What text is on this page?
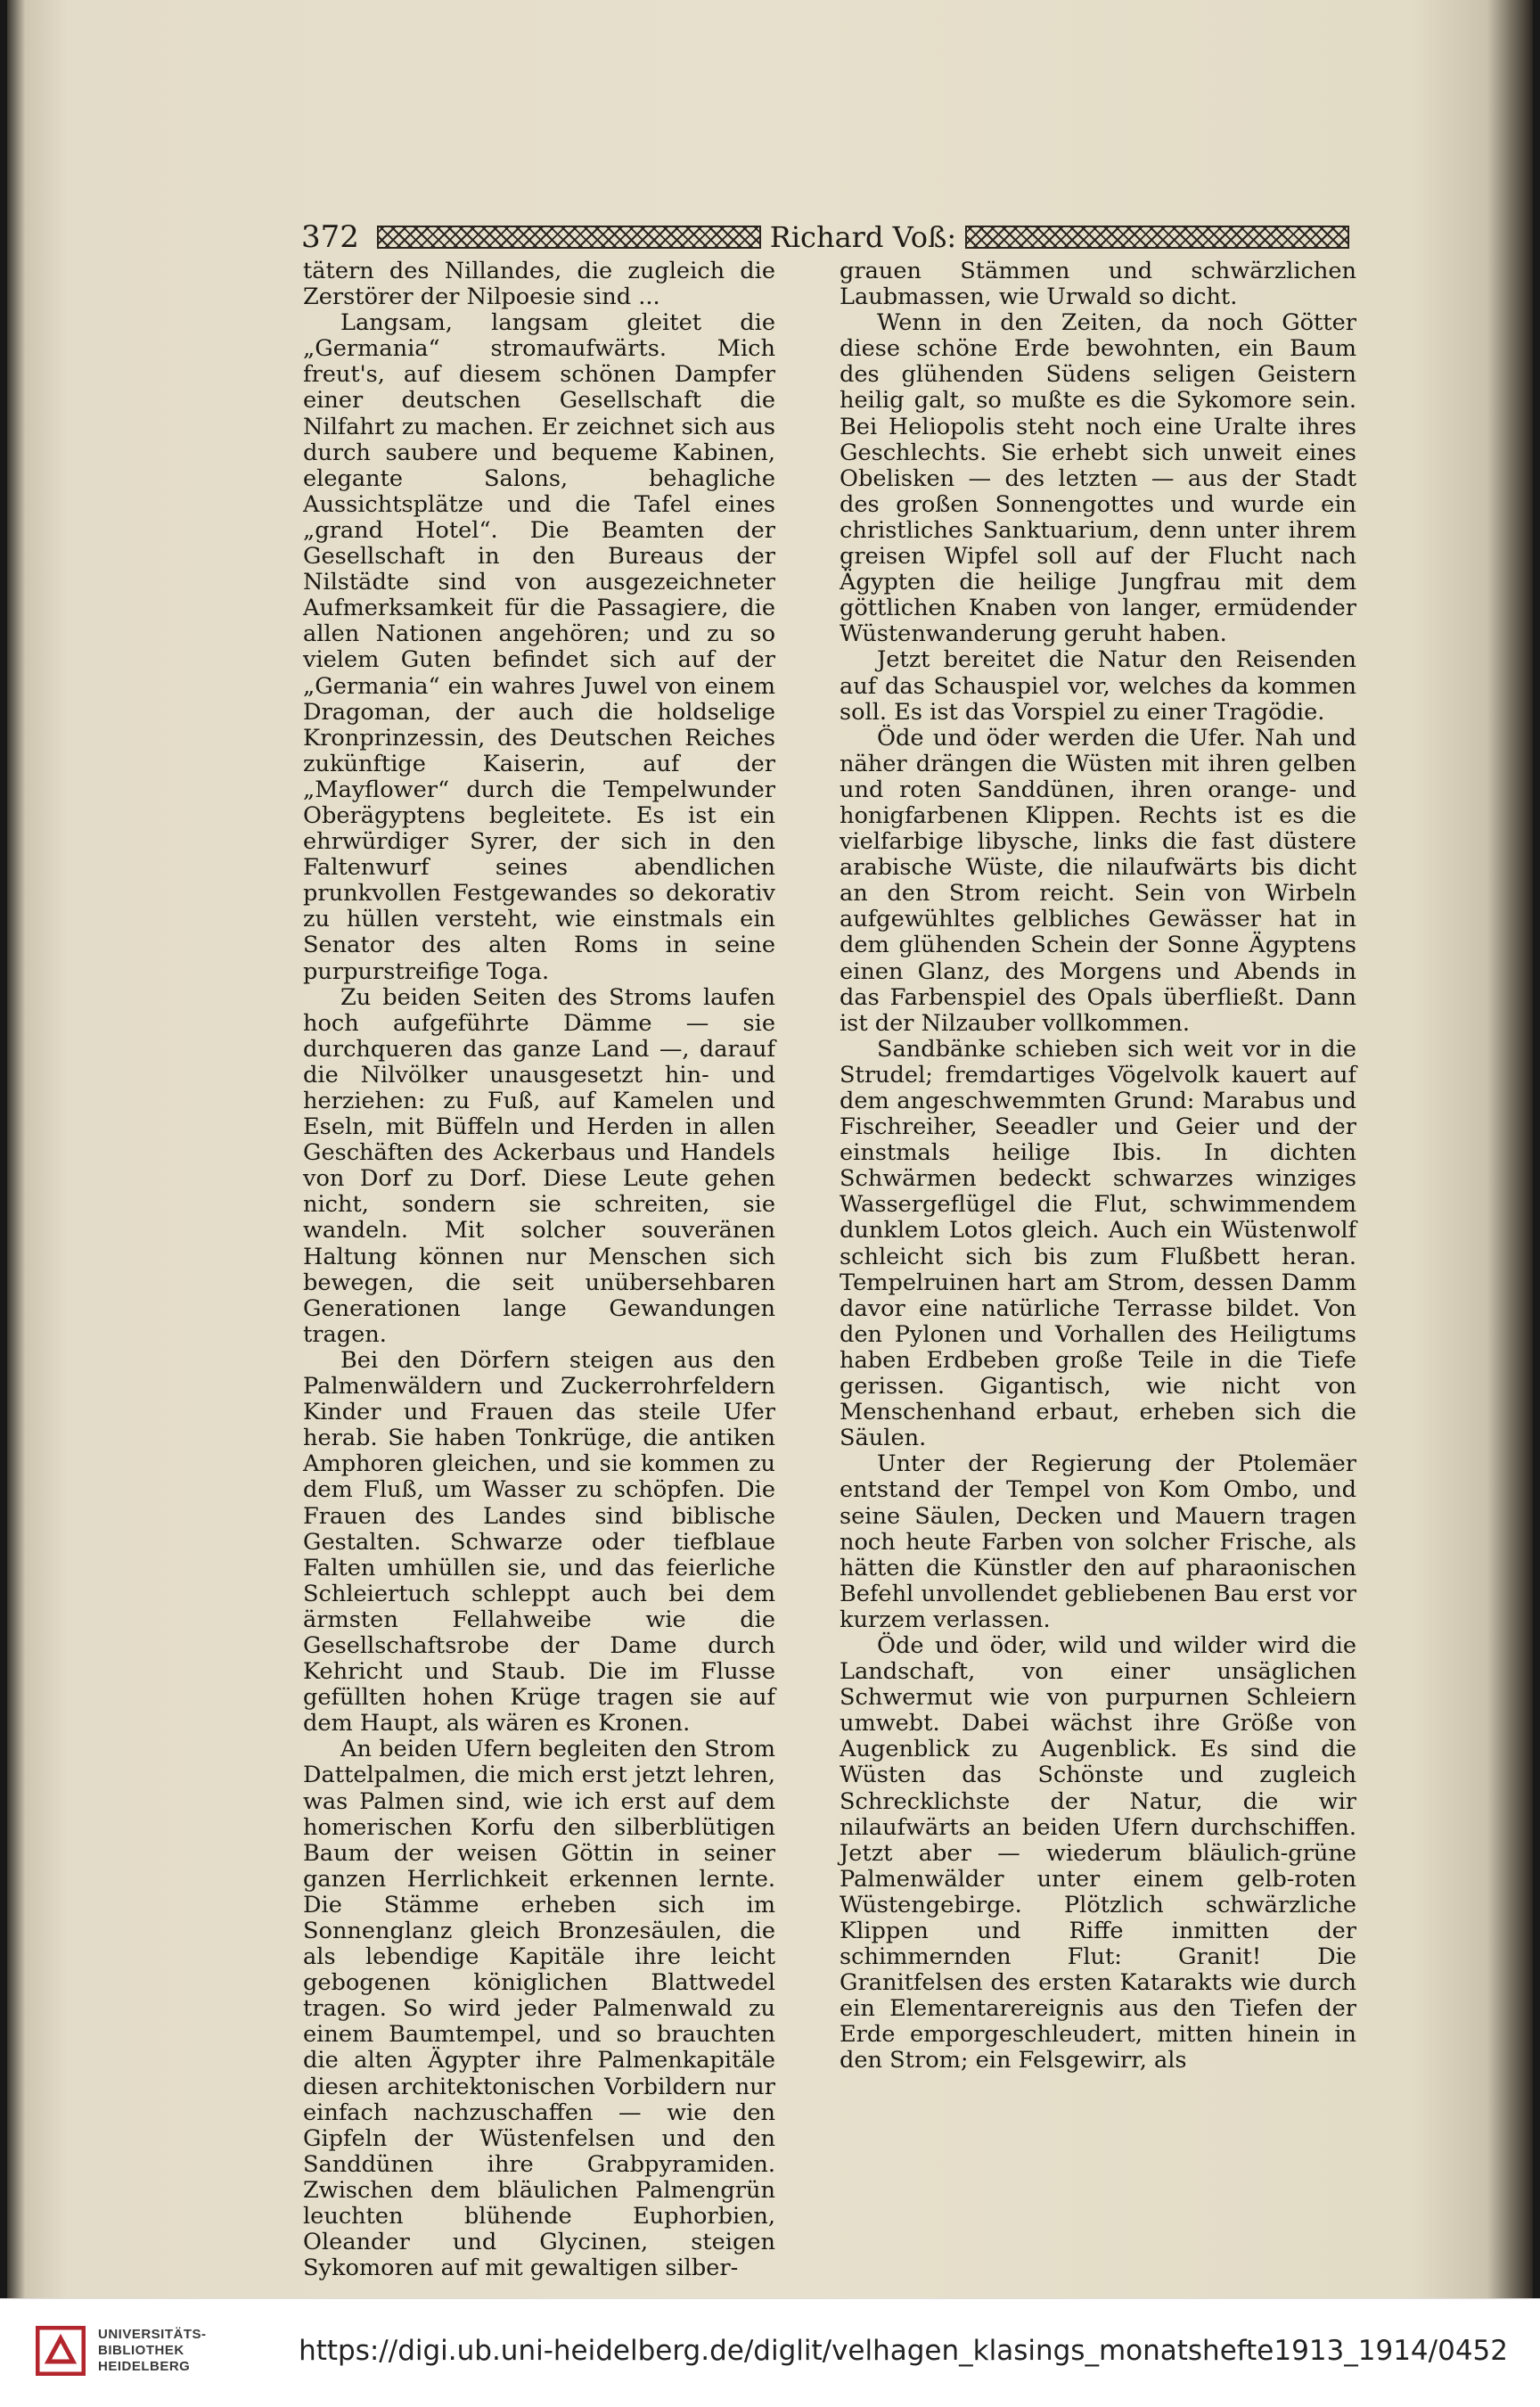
372	Richard Voß:

tätern des Nillandes, die zugleich die Zerstörer der Nilpoesie sind ...

Langsam, langsam gleitet die „Germania“ stromaufwärts. Mich freut's, auf diesem schönen Dampfer einer deutschen Gesellschaft die Nilfahrt zu machen. Er zeichnet sich aus durch saubere und bequeme Kabinen, elegante Salons, behagliche Aussichtsplätze und die Tafel eines „grand Hotel“. Die Beamten der Gesellschaft in den Bureaus der Nilstädte sind von ausgezeichneter Aufmerksamkeit für die Passagiere, die allen Nationen angehören; und zu so vielem Guten befindet sich auf der „Germania“ ein wahres Juwel von einem Dragoman, der auch die holdselige Kronprinzessin, des Deutschen Reiches zukünftige Kaiserin, auf der „Mayflower“ durch die Tempelwunder Oberägyptens begleitete. Es ist ein ehrwürdiger Syrer, der sich in den Faltenwurf seines abendlichen prunkvollen Festgewandes so dekorativ zu hüllen versteht, wie einstmals ein Senator des alten Roms in seine purpurstreifige Toga.

Zu beiden Seiten des Stroms laufen hoch aufgeführte Dämme — sie durchqueren das ganze Land —, darauf die Nilvölker unausgesetzt hin- und herziehen: zu Fuß, auf Kamelen und Eseln, mit Büffeln und Herden in allen Geschäften des Ackerbaus und Handels von Dorf zu Dorf. Diese Leute gehen nicht, sondern sie schreiten, sie wandeln. Mit solcher souveränen Haltung können nur Menschen sich bewegen, die seit unübersehbaren Generationen lange Gewandungen tragen.

Bei den Dörfern steigen aus den Palmenwäldern und Zuckerrohrfeldern Kinder und Frauen das steile Ufer herab. Sie haben Tonkrüge, die antiken Amphoren gleichen, und sie kommen zu dem Fluß, um Wasser zu schöpfen. Die Frauen des Landes sind biblische Gestalten. Schwarze oder tiefblaue Falten umhüllen sie, und das feierliche Schleiertuch schleppt auch bei dem ärmsten Fellahweibe wie die Gesellschaftsrobe der Dame durch Kehricht und Staub. Die im Flusse gefüllten hohen Krüge tragen sie auf dem Haupt, als wären es Kronen.

An beiden Ufern begleiten den Strom Dattelpalmen, die mich erst jetzt lehren, was Palmen sind, wie ich erst auf dem homerischen Korfu den silberblütigen Baum der weisen Göttin in seiner ganzen Herrlichkeit erkennen lernte. Die Stämme erheben sich im Sonnenglanz gleich Bronzesäulen, die als lebendige Kapitäle ihre leicht gebogenen königlichen Blattwedel tragen. So wird jeder Palmenwald zu einem Baumtempel, und so brauchten die alten Ägypter ihre Palmenkapitäle diesen architektonischen Vorbildern nur einfach nachzuschaffen — wie den Gipfeln der Wüstenfelsen und den Sanddünen ihre Grabpyramiden. Zwischen dem bläulichen Palmengrün leuchten blühende Euphorbien, Oleander und Glycinen, steigen Sykomoren auf mit gewaltigen silber-

grauen Stämmen und schwärzlichen Laubmassen, wie Urwald so dicht.

Wenn in den Zeiten, da noch Götter diese schöne Erde bewohnten, ein Baum des glühenden Südens seligen Geistern heilig galt, so mußte es die Sykomore sein. Bei Heliopolis steht noch eine Uralte ihres Geschlechts. Sie erhebt sich unweit eines Obelisken — des letzten — aus der Stadt des großen Sonnengottes und wurde ein christliches Sanktuarium, denn unter ihrem greisen Wipfel soll auf der Flucht nach Ägypten die heilige Jungfrau mit dem göttlichen Knaben von langer, ermüdender Wüstenwanderung geruht haben.

Jetzt bereitet die Natur den Reisenden auf das Schauspiel vor, welches da kommen soll. Es ist das Vorspiel zu einer Tragödie.

Öde und öder werden die Ufer. Nah und näher drängen die Wüsten mit ihren gelben und roten Sanddünen, ihren orange- und honigfarbenen Klippen. Rechts ist es die vielfarbige libysche, links die fast düstere arabische Wüste, die nilaufwärts bis dicht an den Strom reicht. Sein von Wirbeln aufgewühltes gelbliches Gewässer hat in dem glühenden Schein der Sonne Ägyptens einen Glanz, des Morgens und Abends in das Farbenspiel des Opals überfließt. Dann ist der Nilzauber vollkommen.

Sandbänke schieben sich weit vor in die Strudel; fremdartiges Vögelvolk kauert auf dem angeschwemmten Grund: Marabus und Fischreiher, Seeadler und Geier und der einstmals heilige Ibis. In dichten Schwärmen bedeckt schwarzes winziges Wassergeflügel die Flut, schwimmendem dunklem Lotos gleich. Auch ein Wüstenwolf schleicht sich bis zum Flußbett heran. Tempelruinen hart am Strom, dessen Damm davor eine natürliche Terrasse bildet. Von den Pylonen und Vorhallen des Heiligtums haben Erdbeben große Teile in die Tiefe gerissen. Gigantisch, wie nicht von Menschenhand erbaut, erheben sich die Säulen.

Unter der Regierung der Ptolemäer entstand der Tempel von Kom Ombo, und seine Säulen, Decken und Mauern tragen noch heute Farben von solcher Frische, als hätten die Künstler den auf pharaonischen Befehl unvollendet gebliebenen Bau erst vor kurzem verlassen.

Öde und öder, wild und wilder wird die Landschaft, von einer unsäglichen Schwermut wie von purpurnen Schleiern umwebt. Dabei wächst ihre Größe von Augenblick zu Augenblick. Es sind die Wüsten das Schönste und zugleich Schrecklichste der Natur, die wir nilaufwärts an beiden Ufern durchschiffen. Jetzt aber — wiederum bläulich-grüne Palmenwälder unter einem gelb-roten Wüstengebirge. Plötzlich schwärzliche Klippen und Riffe inmitten der schimmernden Flut: Granit! Die Granitfelsen des ersten Katarakts wie durch ein Elementarereignis aus den Tiefen der Erde emporgeschleudert, mitten hinein in den Strom; ein Felsgewirr, als

UNIVERSITÄTS-
BIBLIOTHEK
HEIDELBERG	https://digi.ub.uni-heidelberg.de/diglit/velhagen_klasings_monatshefte1913_1914/0452
